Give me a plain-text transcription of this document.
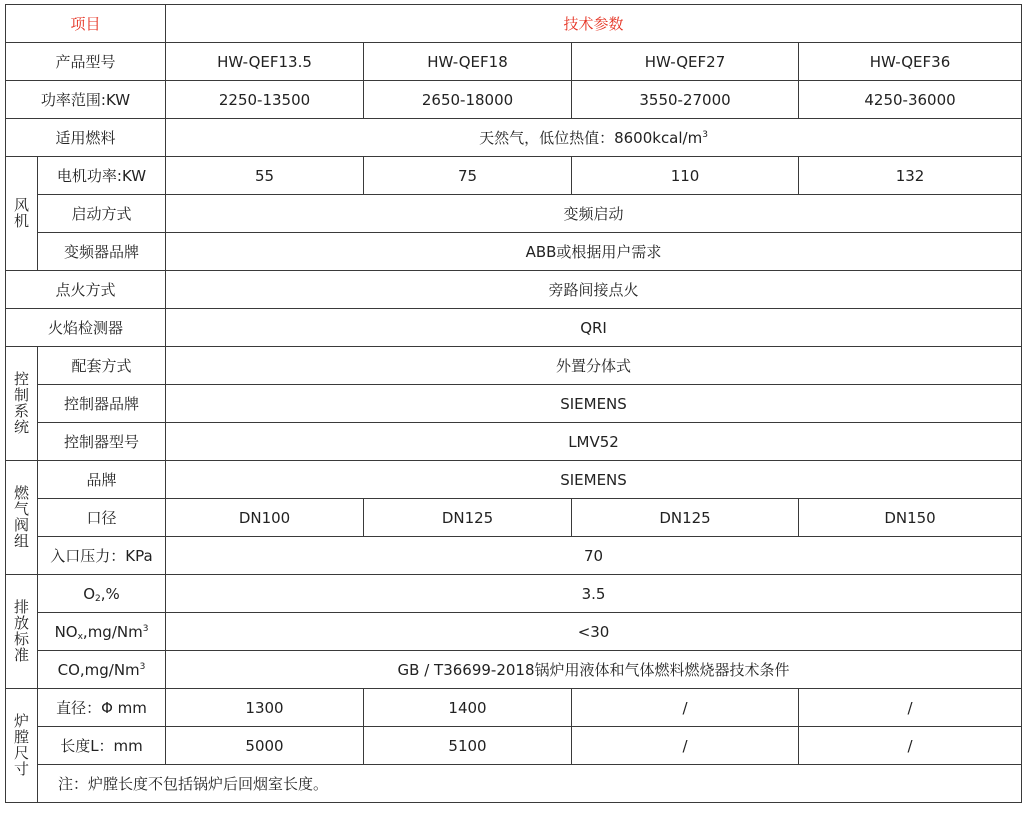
项目		技术参数			
产品型号		HW-QEF13.5	HW-QEF18	HW-QEF27	HW-QEF36
功率范围:KW		2250-13500	2650-18000	3550-27000	4250-36000
适用燃料		天然气，低位热值：$8600kcal/m^3$
风机	电机功率:KW	55	75	110	132
	启动方式	变频启动			
	变频器品牌	ABB或根据用户需求			
点火方式		旁路间接点火			
火焰检测器		QRI			
控制系统	配套方式	外置分体式			
	控制器品牌	SIEMENS			
	控制器型号	LMV52			
燃气阀组	品牌	SIEMENS			
	口径	DN100	DN125	DN125	DN150
	入口压力：KPa	70			
排放标准	$O_2,\%$	3.5			
	$NO_x,mg/Nm^3$	<30			
	CO,mg/Nm$^3$	GB / T36699-2018锅炉用液体和气体燃料燃烧器技术条件			
炉膛尺寸	直径：Φ mm	1300	1400	/	/
	长度L：mm	5000	5100	/	/
	注：炉膛长度不包括锅炉后回烟室长度。				
